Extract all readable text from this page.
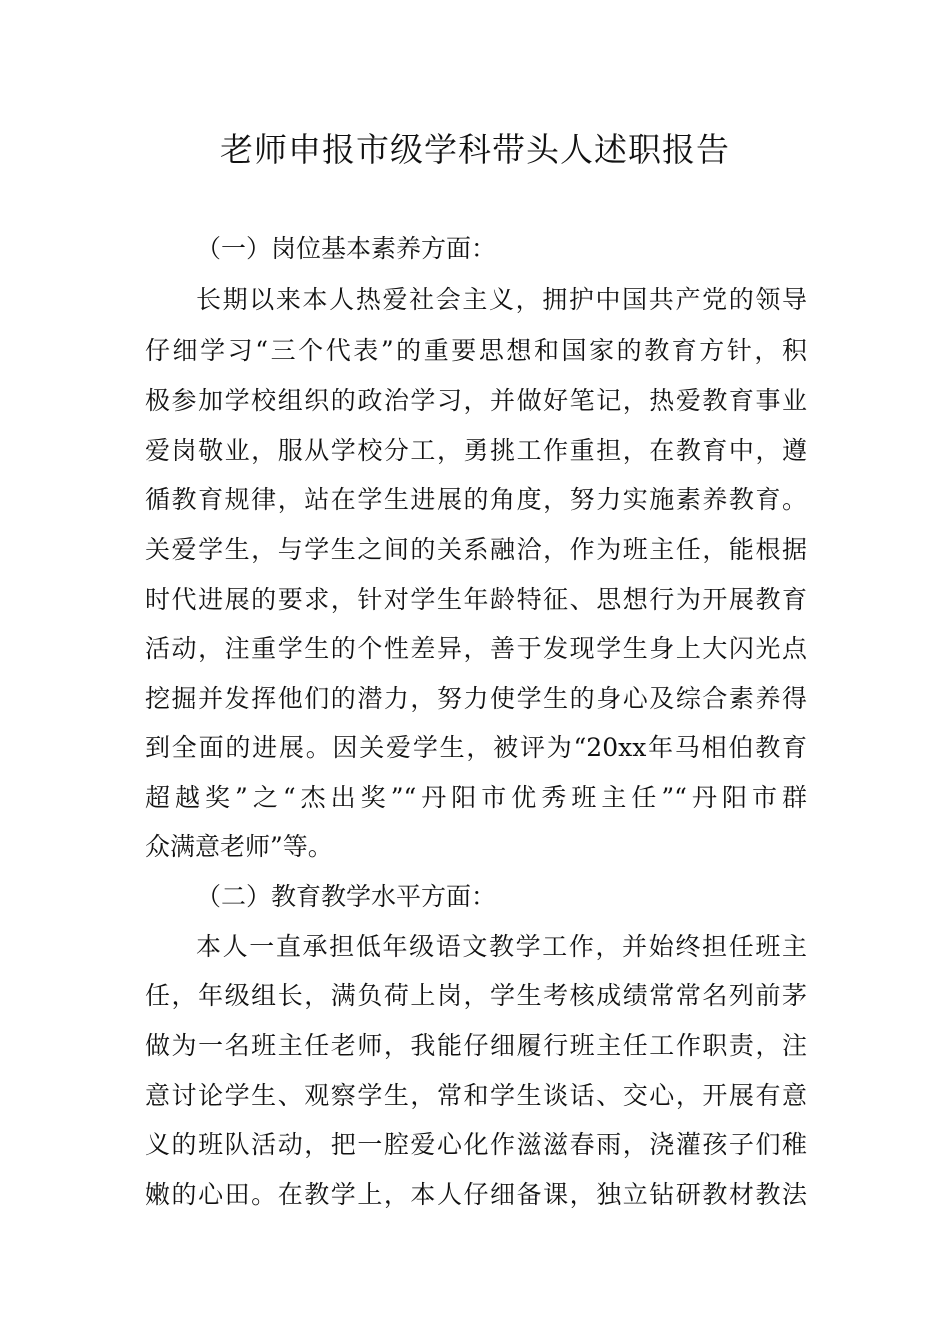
老师申报市级学科带头人述职报告
（一）岗位基本素养方面：
长期以来本人热爱社会主义，拥护中国共产党的领导
仔细学习“三个代表”的重要思想和国家的教育方针，积
极参加学校组织的政治学习，并做好笔记，热爱教育事业
爱岗敬业，服从学校分工，勇挑工作重担，在教育中，遵
循教育规律，站在学生进展的角度，努力实施素养教育。
关爱学生，与学生之间的关系融洽，作为班主任，能根据
时代进展的要求，针对学生年龄特征、思想行为开展教育
活动，注重学生的个性差异，善于发现学生身上大闪光点
挖掘并发挥他们的潜力，努力使学生的身心及综合素养得
到全面的进展。因关爱学生，被评为“20xx年马相伯教育
超越奖”之“杰出奖”“丹阳市优秀班主任”“丹阳市群
众满意老师”等。
（二）教育教学水平方面：
本人一直承担低年级语文教学工作，并始终担任班主
任，年级组长，满负荷上岗，学生考核成绩常常名列前茅
做为一名班主任老师，我能仔细履行班主任工作职责，注
意讨论学生、观察学生，常和学生谈话、交心，开展有意
义的班队活动，把一腔爱心化作滋滋春雨，浇灌孩子们稚
嫩的心田。在教学上，本人仔细备课，独立钻研教材教法
